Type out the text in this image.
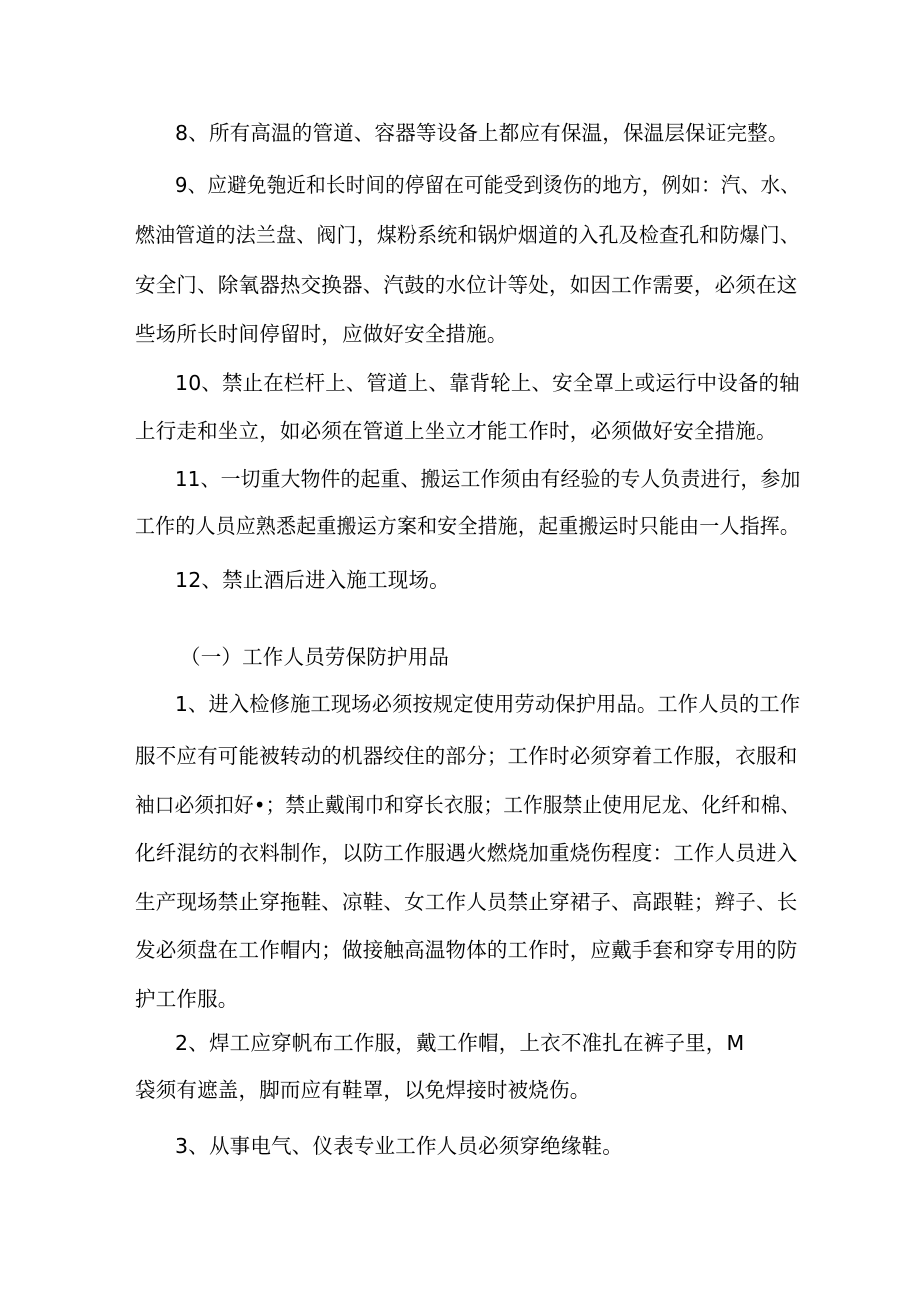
8、所有高温的管道、容器等设备上都应有保温，保温层保证完整。
9、应避免匏近和长时间的停留在可能受到烫伤的地方，例如：汽、水、
燃油管道的法兰盘、阀门，煤粉系统和锅炉烟道的入孔及检查孔和防爆门、
安全门、除氧器热交换器、汽鼓的水位计等处，如因工作需要，必须在这
些场所长时间停留时，应做好安全措施。
10、禁止在栏杆上、管道上、靠背轮上、安全罩上或运行中设备的轴
上行走和坐立，如必须在管道上坐立才能工作时，必须做好安全措施。
11、一切重大物件的起重、搬运工作须由有经验的专人负责进行，参加
工作的人员应熟悉起重搬运方案和安全措施，起重搬运时只能由一人指挥。
12、禁止酒后进入施工现场。
（一）工作人员劳保防护用品
1、进入检修施工现场必须按规定使用劳动保护用品。工作人员的工作
服不应有可能被转动的机器绞住的部分；工作时必须穿着工作服，衣服和
袖口必须扣好•；禁止戴闱巾和穿长衣服；工作服禁止使用尼龙、化纤和棉、
化纤混纺的衣料制作，以防工作服遇火燃烧加重烧伤程度：工作人员进入
生产现场禁止穿拖鞋、凉鞋、女工作人员禁止穿裙子、高跟鞋；辫子、长
发必须盘在工作帽内；做接触高温物体的工作时，应戴手套和穿专用的防
护工作服。
2、焊工应穿帆布工作服，戴工作帽，上衣不准扎在裤子里，M
袋须有遮盖，脚而应有鞋罩，以免焊接时被烧伤。
3、从事电气、仪表专业工作人员必须穿绝缘鞋。
